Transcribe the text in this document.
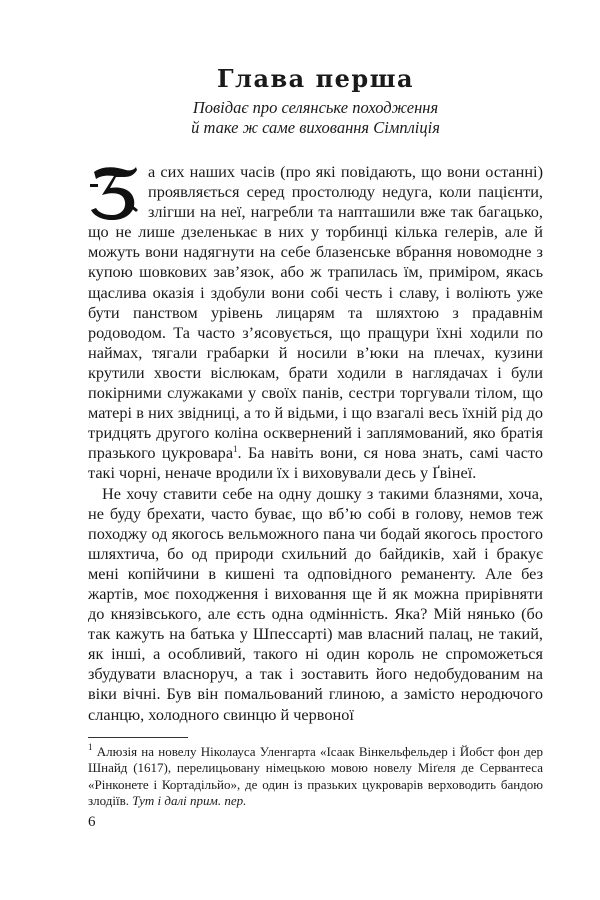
Глава перша

Повідає про селянське походження
й таке ж саме виховання Сімпліція

З	а сих наших часів (про які повідають, що вони останні) проявляється серед простолюду недуга, коли пацієнти, злігши на неї, нагребли та напташили вже так багацько, що не лише дзеленькає в них у торбинці кілька гелерів, але й можуть вони надягнути на себе блазенське вбрання новомодне з купою шовкових зав’язок, або ж трапилась їм, приміром, якась щаслива оказія і здобули вони собі честь і славу, і воліють уже бути панством урівень лицарям та шляхтою з прадавнім родоводом. Та часто з’ясовується, що пращури їхні ходили по наймах, тягали грабарки й носили в’юки на плечах, кузини крутили хвости віслюкам, брати ходили в наглядачах і були покірними служаками у своїх панів, сестри торгували тілом, що матері в них звідниці, а то й відьми, і що взагалі весь їхній рід до тридцять другого коліна осквернений і заплямований, яко братія празького цукровара$^1$. Ба навіть вони, ся нова знать, самі часто такі чорні, неначе вродили їх і виховували десь у Ґвінеї.

Не хочу ставити себе на одну дошку з такими блазнями, хоча, не буду брехати, часто буває, що вб’ю собі в голову, немов теж походжу од якогось вельможного пана чи бодай якогось простого шляхтича, бо од природи схильний до байдиків, хай і бракує мені копійчини в кишені та одповідного реманенту. Але без жартів, моє походження і виховання ще й як можна прирівняти до князівського, але єсть одна одмінність. Яка? Мій нянько (бо так кажуть на батька у Шпессарті) мав власний палац, не такий, як інші, а особливий, такого ні один король не спроможеться збудувати власноруч, а так і зоставить його недобудованим на віки вічні. Був він помальований глиною, а замісто неродючого сланцю, холодного свинцю й червоної

$^1$ Алюзія на новелу Ніколауса Уленгарта «Ісаак Вінкельфельдер і Йобст фон дер Шнайд (1617), перелицьовану німецькою мовою новелу Міґеля де Сервантеса «Рінконете і Кортадільйо», де один із празьких цукроварів верховодить бандою злодіїв. Тут і далі прим. пер.
6
